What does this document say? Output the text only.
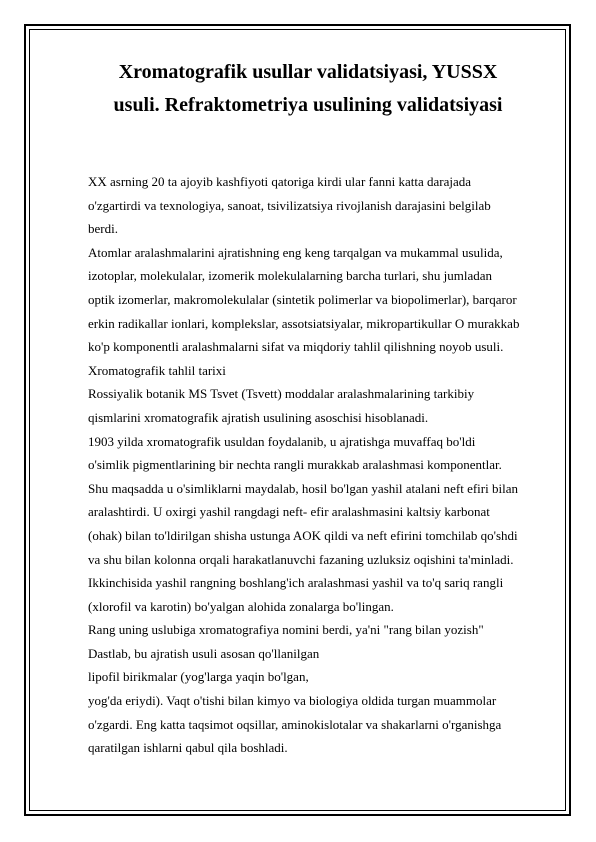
Xromatografik usullar validatsiyasi, YUSSX
usuli. Refraktometriya usulining validatsiyasi

XX asrning 20 ta ajoyib kashfiyoti qatoriga kirdi ular fanni katta darajada

o'zgartirdi va texnologiya, sanoat, tsivilizatsiya rivojlanish darajasini belgilab

berdi.

Atomlar aralashmalarini ajratishning eng keng tarqalgan va mukammal usulida,

izotoplar, molekulalar, izomerik molekulalarning barcha turlari, shu jumladan

optik izomerlar, makromolekulalar (sintetik polimerlar va biopolimerlar), barqaror

erkin radikallar ionlari, komplekslar, assotsiatsiyalar, mikropartikullar O murakkab

ko'p komponentli aralashmalarni sifat va miqdoriy tahlil qilishning noyob usuli.

Xromatografik tahlil tarixi

Rossiyalik botanik MS Tsvet (Tsvett) moddalar aralashmalarining tarkibiy

qismlarini xromatografik ajratish usulining asoschisi hisoblanadi.

1903 yilda xromatografik usuldan foydalanib, u ajratishga muvaffaq bo'ldi

o'simlik pigmentlarining bir nechta rangli murakkab aralashmasi komponentlar.

Shu maqsadda u o'simliklarni maydalab, hosil bo'lgan yashil atalani neft efiri bilan

aralashtirdi. U oxirgi yashil rangdagi neft- efir aralashmasini kaltsiy karbonat

(ohak) bilan to'ldirilgan shisha ustunga AOK qildi va neft efirini tomchilab qo'shdi

va shu bilan kolonna orqali harakatlanuvchi fazaning uzluksiz oqishini ta'minladi.

Ikkinchisida yashil rangning boshlang'ich aralashmasi yashil va to'q sariq rangli

(xlorofil va karotin) bo'yalgan alohida zonalarga bo'lingan.

Rang uning uslubiga xromatografiya nomini berdi, ya'ni "rang bilan yozish"

Dastlab, bu ajratish usuli asosan qo'llanilgan

lipofil birikmalar (yog'larga yaqin bo'lgan,

yog'da eriydi). Vaqt o'tishi bilan kimyo va biologiya oldida turgan muammolar

o'zgardi. Eng katta taqsimot oqsillar, aminokislotalar va shakarlarni o'rganishga

qaratilgan ishlarni qabul qila boshladi.
